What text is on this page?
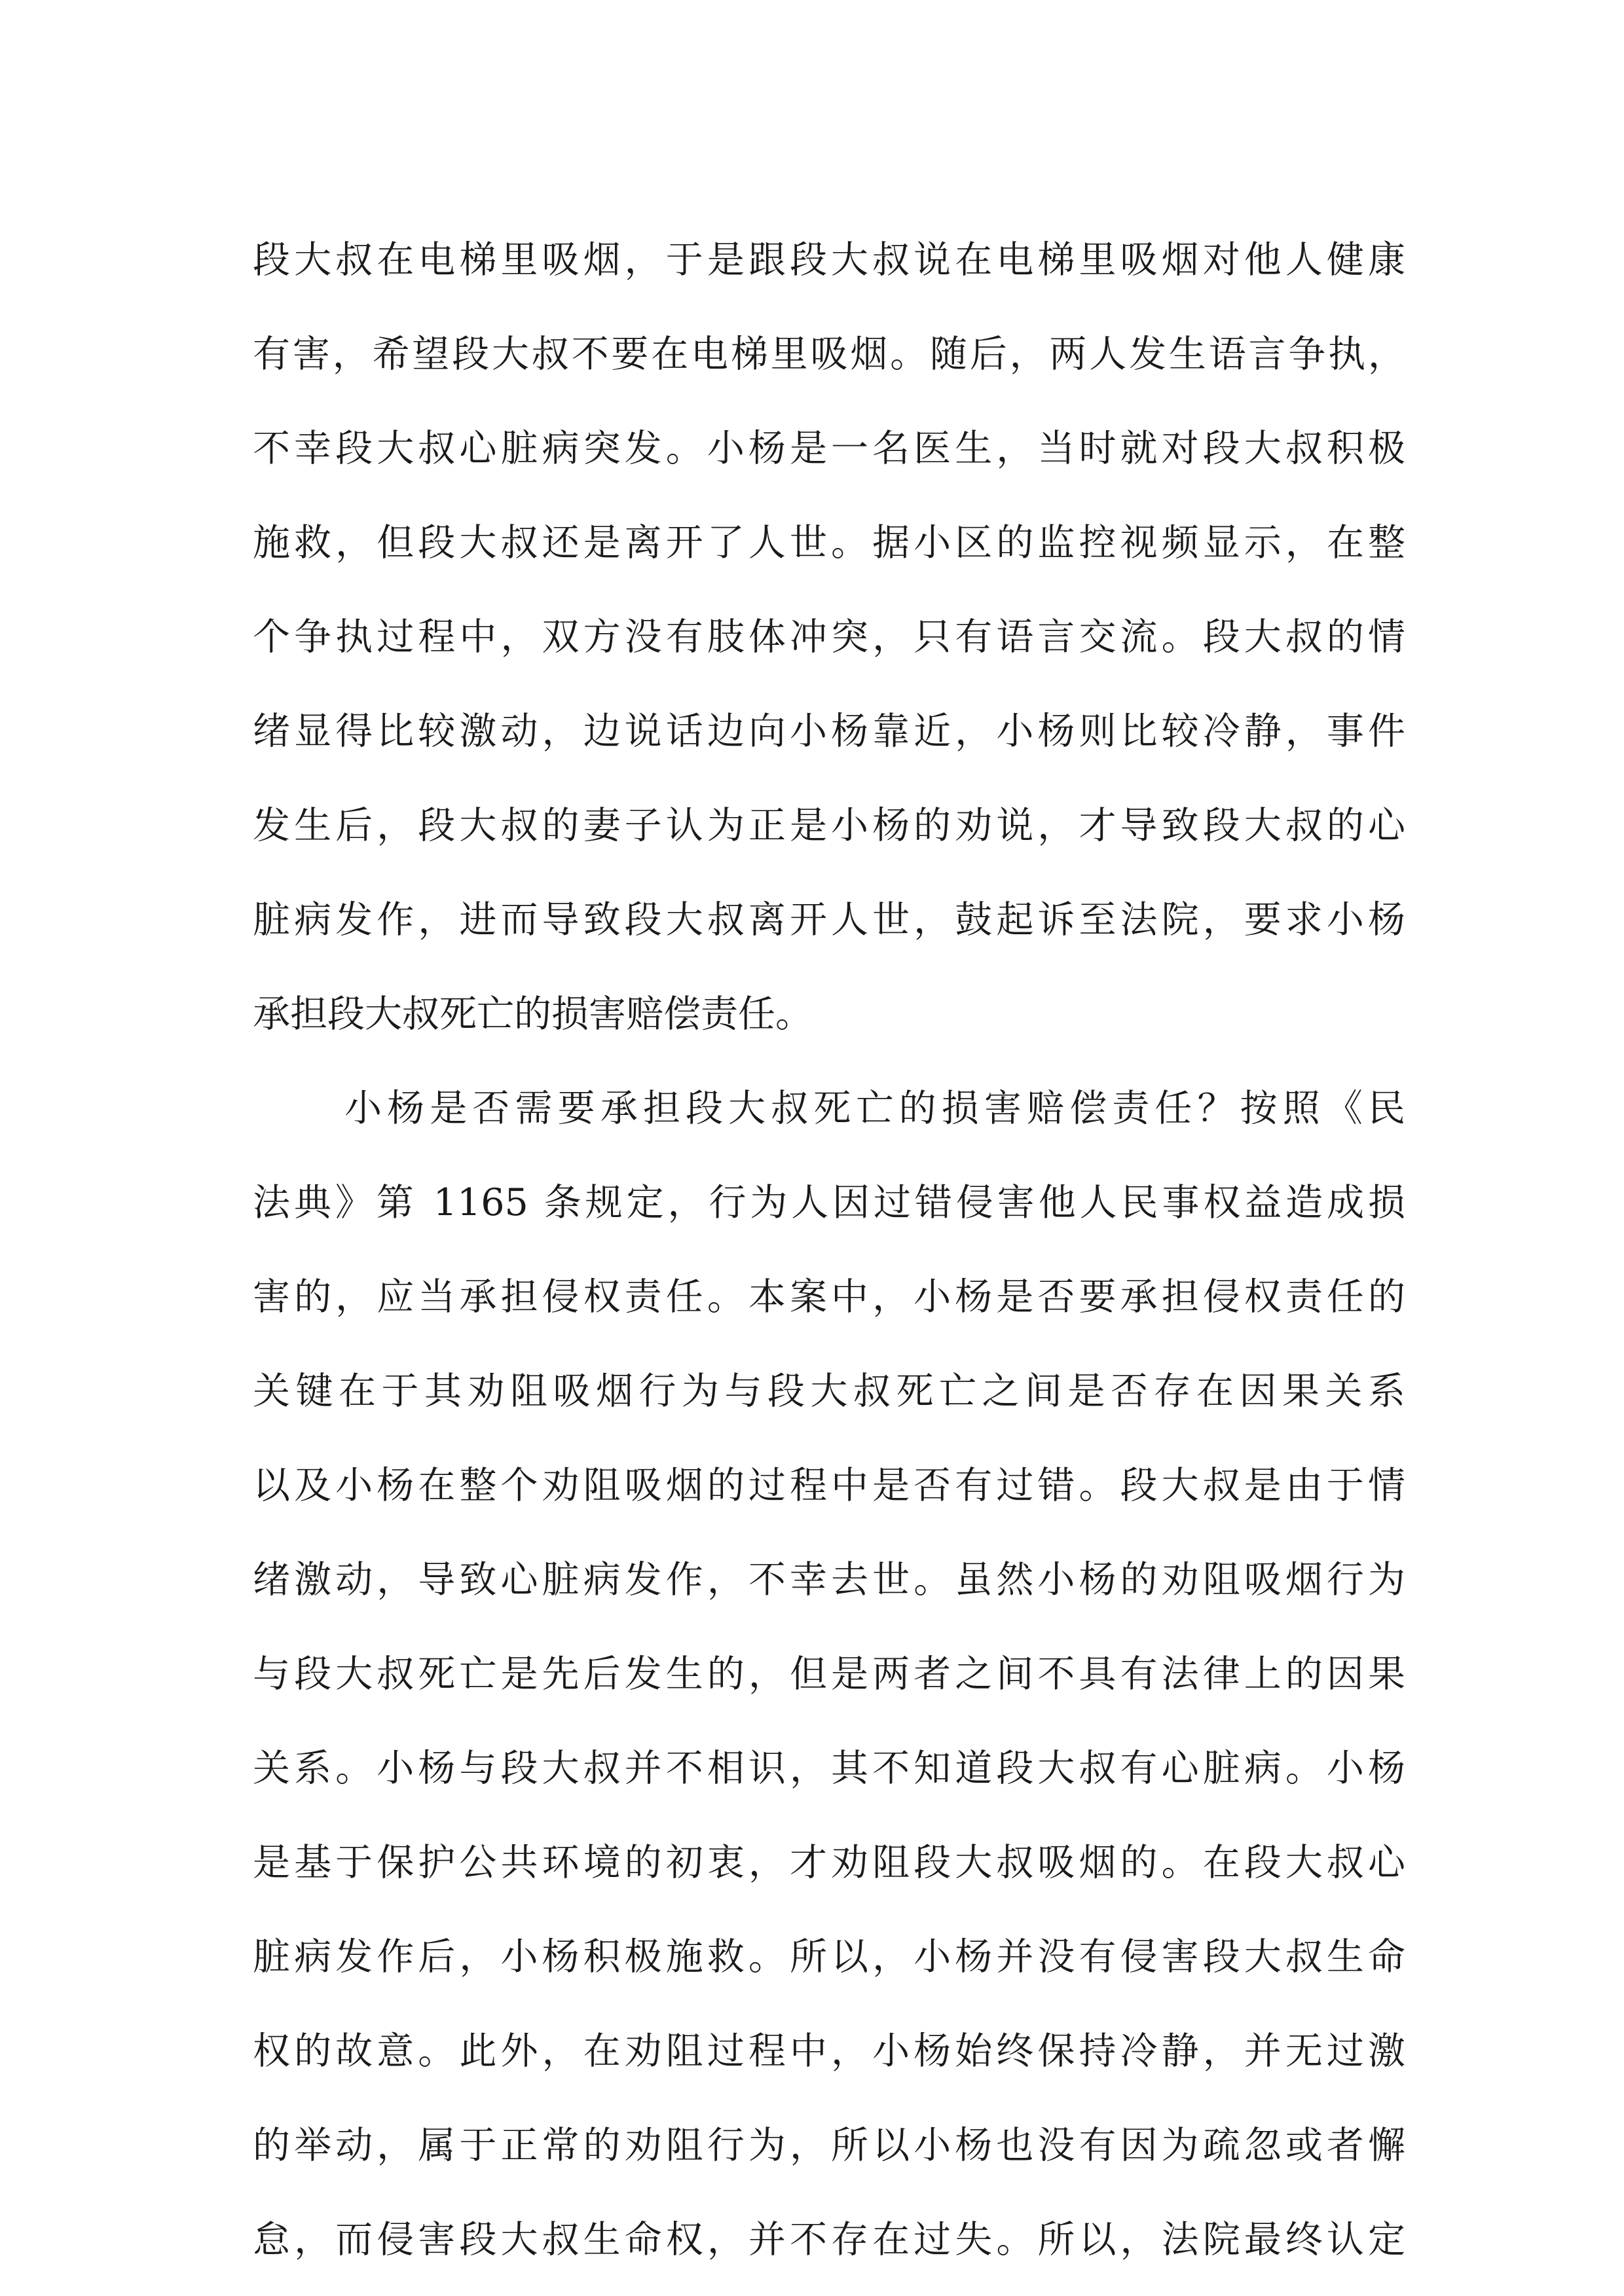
段大叔在电梯里吸烟，于是跟段大叔说在电梯里吸烟对他人健康
有害，希望段大叔不要在电梯里吸烟。随后，两人发生语言争执，
不幸段大叔心脏病突发。小杨是一名医生，当时就对段大叔积极
施救，但段大叔还是离开了人世。据小区的监控视频显示，在整
个争执过程中，双方没有肢体冲突，只有语言交流。段大叔的情
绪显得比较激动，边说话边向小杨靠近，小杨则比较冷静，事件
发生后，段大叔的妻子认为正是小杨的劝说，才导致段大叔的心
脏病发作，进而导致段大叔离开人世，鼓起诉至法院，要求小杨
承担段大叔死亡的损害赔偿责任。
小杨是否需要承担段大叔死亡的损害赔偿责任？按照《民
法典》第 1165 条规定，行为人因过错侵害他人民事权益造成损
害的，应当承担侵权责任。本案中，小杨是否要承担侵权责任的
关键在于其劝阻吸烟行为与段大叔死亡之间是否存在因果关系
以及小杨在整个劝阻吸烟的过程中是否有过错。段大叔是由于情
绪激动，导致心脏病发作，不幸去世。虽然小杨的劝阻吸烟行为
与段大叔死亡是先后发生的，但是两者之间不具有法律上的因果
关系。小杨与段大叔并不相识，其不知道段大叔有心脏病。小杨
是基于保护公共环境的初衷，才劝阻段大叔吸烟的。在段大叔心
脏病发作后，小杨积极施救。所以，小杨并没有侵害段大叔生命
权的故意。此外，在劝阻过程中，小杨始终保持冷静，并无过激
的举动，属于正常的劝阻行为，所以小杨也没有因为疏忽或者懈
怠，而侵害段大叔生命权，并不存在过失。所以，法院最终认定
